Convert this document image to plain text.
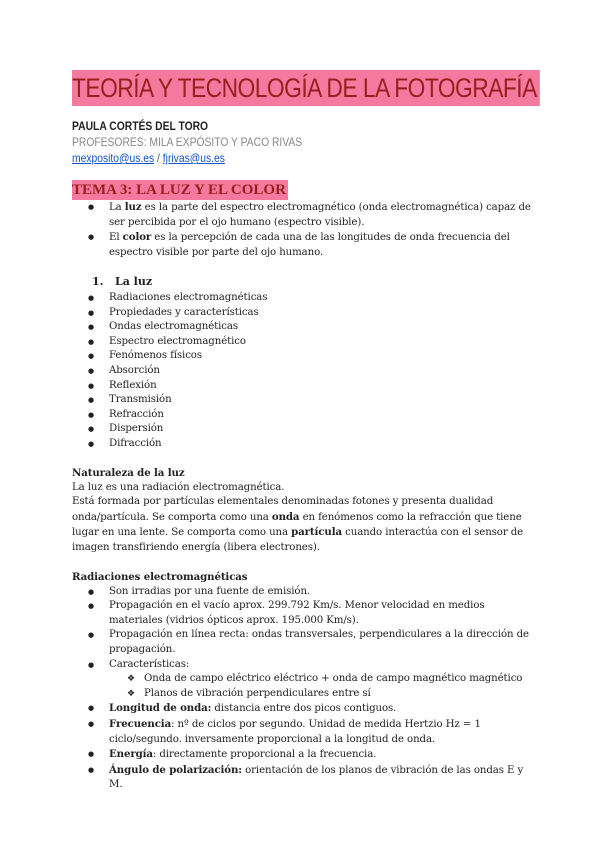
TEORÍA Y TECNOLOGÍA DE LA FOTOGRAFÍA
PAULA CORTÉS DEL TORO
PROFESORES: MILA EXPÓSITO Y PACO RIVAS
mexposito@us.es / fjrivas@us.es
TEMA 3: LA LUZ Y EL COLOR
● La luz es la parte del espectro electromagnético (onda electromagnética) capaz de ser percibida por el ojo humano (espectro visible).
● El color es la percepción de cada una de las longitudes de onda frecuencia del espectro visible por parte del ojo humano.
1. La luz
● Radiaciones electromagnéticas
● Propiedades y características
● Ondas electromagnéticas
● Espectro electromagnético
● Fenómenos físicos
● Absorción
● Reflexión
● Transmisión
● Refracción
● Dispersión
● Difracción

Naturaleza de la luz

La luz es una radiación electromagnética.

Está formada por partículas elementales denominadas fotones y presenta dualidad onda/partícula. Se comporta como una onda en fenómenos como la refracción que tiene lugar en una lente. Se comporta como una partícula cuando interactúa con el sensor de imagen transfiriendo energía (libera electrones).

Radiaciones electromagnéticas

● Son irradias por una fuente de emisión.
● Propagación en el vacío aprox. 299.792 Km/s. Menor velocidad en medios materiales (vidrios ópticos aprox. 195.000 Km/s).
● Propagación en línea recta: ondas transversales, perpendiculares a la dirección de propagación.
● Características:
❖ Onda de campo eléctrico eléctrico + onda de campo magnético magnético
❖ Planos de vibración perpendiculares entre sí
● Longitud de onda: distancia entre dos picos contiguos.
● Frecuencia: nº de ciclos por segundo. Unidad de medida Hertzio Hz = 1 ciclo/segundo. inversamente proporcional a la longitud de onda.
● Energía: directamente proporcional a la frecuencia.
● Ángulo de polarización: orientación de los planos de vibración de las ondas E y M.
